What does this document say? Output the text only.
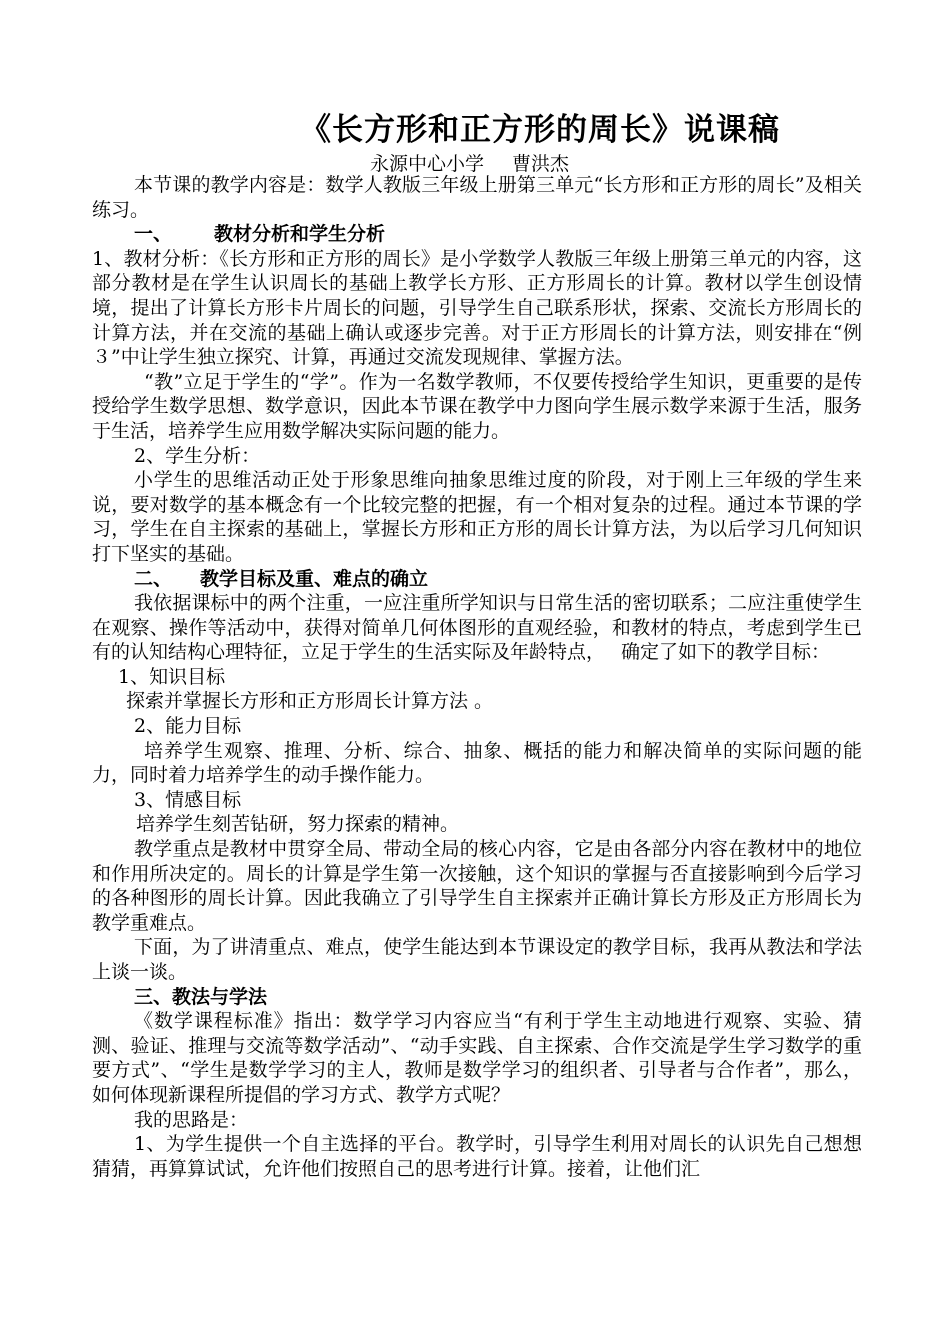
《长方形和正方形的周长》说课稿
永源中心小学 曹洪杰

本节课的教学内容是：数学人教版三年级上册第三单元“长方形和正方形的周长”及相关练习。

一、 教材分析和学生分析

1、教材分析：《长方形和正方形的周长》是小学数学人教版三年级上册第三单元的内容，这部分教材是在学生认识周长的基础上教学长方形、正方形周长的计算。教材以学生创设情境，提出了计算长方形卡片周长的问题，引导学生自己联系形状，探索、交流长方形周长的计算方法，并在交流的基础上确认或逐步完善。对于正方形周长的计算方法，则安排在“例３”中让学生独立探究、计算，再通过交流发现规律、掌握方法。

“教”立足于学生的“学”。作为一名数学教师，不仅要传授给学生知识，更重要的是传授给学生数学思想、数学意识，因此本节课在教学中力图向学生展示数学来源于生活，服务于生活，培养学生应用数学解决实际问题的能力。

2、学生分析：

小学生的思维活动正处于形象思维向抽象思维过度的阶段，对于刚上三年级的学生来说，要对数学的基本概念有一个比较完整的把握，有一个相对复杂的过程。通过本节课的学习，学生在自主探索的基础上，掌握长方形和正方形的周长计算方法，为以后学习几何知识打下坚实的基础。

二、 教学目标及重、难点的确立

我依据课标中的两个注重，一应注重所学知识与日常生活的密切联系；二应注重使学生在观察、操作等活动中，获得对简单几何体图形的直观经验，和教材的特点，考虑到学生已有的认知结构心理特征，立足于学生的生活实际及年龄特点， 确定了如下的教学目标：

1、知识目标

探索并掌握长方形和正方形周长计算方法 。

2、能力目标

培养学生观察、推理、分析、综合、抽象、概括的能力和解决简单的实际问题的能力，同时着力培养学生的动手操作能力。

3、情感目标

培养学生刻苦钻研，努力探索的精神。

教学重点是教材中贯穿全局、带动全局的核心内容，它是由各部分内容在教材中的地位和作用所决定的。周长的计算是学生第一次接触，这个知识的掌握与否直接影响到今后学习的各种图形的周长计算。因此我确立了引导学生自主探索并正确计算长方形及正方形周长为教学重难点。

下面，为了讲清重点、难点，使学生能达到本节课设定的教学目标，我再从教法和学法上谈一谈。

三、教法与学法

《数学课程标准》指出：数学学习内容应当“有利于学生主动地进行观察、实验、猜测、验证、推理与交流等数学活动”、“动手实践、自主探索、合作交流是学生学习数学的重要方式”、“学生是数学学习的主人，教师是数学学习的组织者、引导者与合作者”，那么，如何体现新课程所提倡的学习方式、教学方式呢？

我的思路是：

1、为学生提供一个自主选择的平台。教学时，引导学生利用对周长的认识先自己想想猜猜，再算算试试，允许他们按照自己的思考进行计算。接着，让他们汇
